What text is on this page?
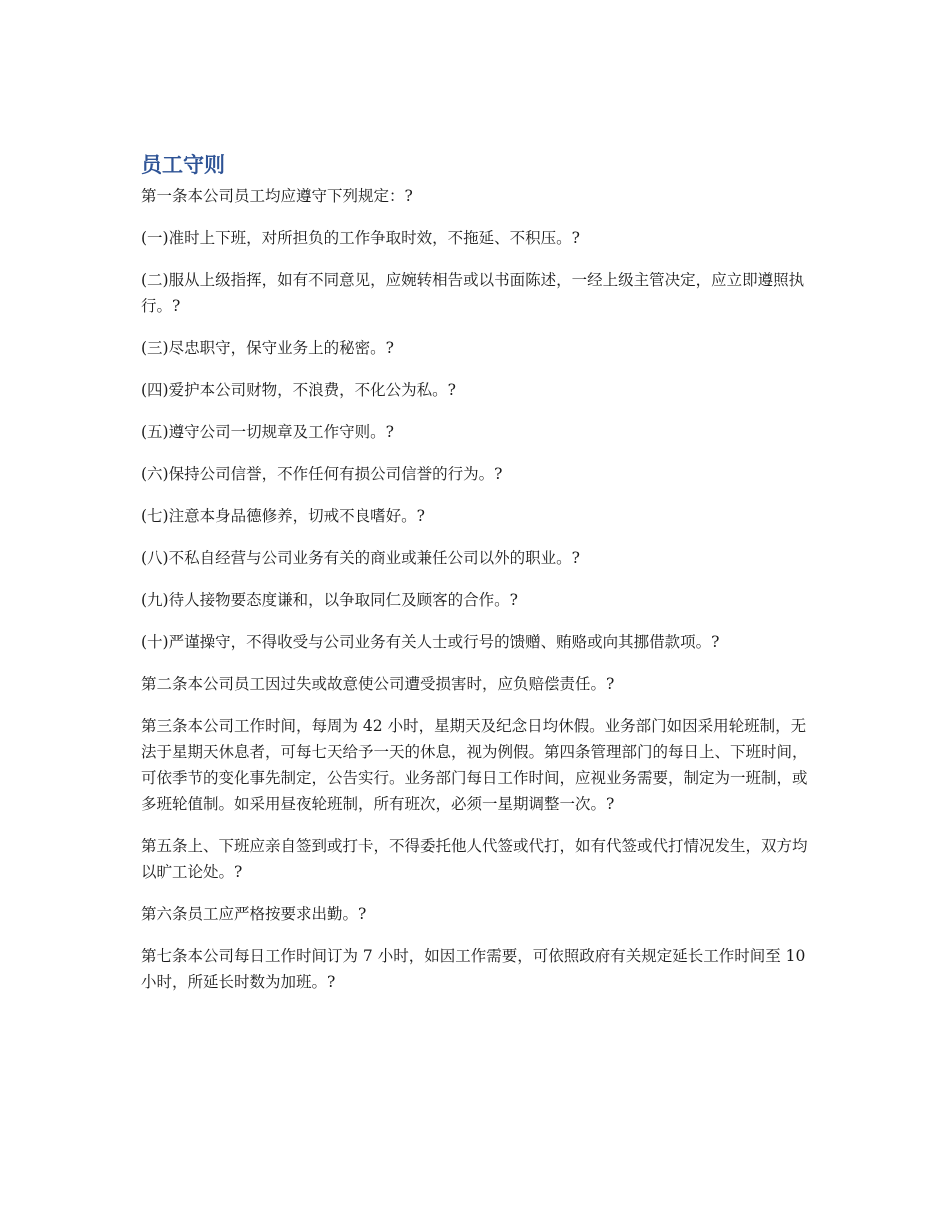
员工守则

第一条本公司员工均应遵守下列规定：?

(一)准时上下班，对所担负的工作争取时效，不拖延、不积压。?

(二)服从上级指挥，如有不同意见，应婉转相告或以书面陈述，一经上级主管决定，应立即遵照执行。?

(三)尽忠职守，保守业务上的秘密。?

(四)爱护本公司财物，不浪费，不化公为私。?

(五)遵守公司一切规章及工作守则。?

(六)保持公司信誉，不作任何有损公司信誉的行为。?

(七)注意本身品德修养，切戒不良嗜好。?

(八)不私自经营与公司业务有关的商业或兼任公司以外的职业。?

(九)待人接物要态度谦和，以争取同仁及顾客的合作。?

(十)严谨操守，不得收受与公司业务有关人士或行号的馈赠、贿赂或向其挪借款项。?

第二条本公司员工因过失或故意使公司遭受损害时，应负赔偿责任。?

第三条本公司工作时间，每周为 42 小时，星期天及纪念日均休假。业务部门如因采用轮班制，无法于星期天休息者，可每七天给予一天的休息，视为例假。第四条管理部门的每日上、下班时间，可依季节的变化事先制定，公告实行。业务部门每日工作时间，应视业务需要，制定为一班制，或多班轮值制。如采用昼夜轮班制，所有班次，必须一星期调整一次。?

第五条上、下班应亲自签到或打卡，不得委托他人代签或代打，如有代签或代打情况发生，双方均以旷工论处。?

第六条员工应严格按要求出勤。?

第七条本公司每日工作时间订为 7 小时，如因工作需要，可依照政府有关规定延长工作时间至 10 小时，所延长时数为加班。?
